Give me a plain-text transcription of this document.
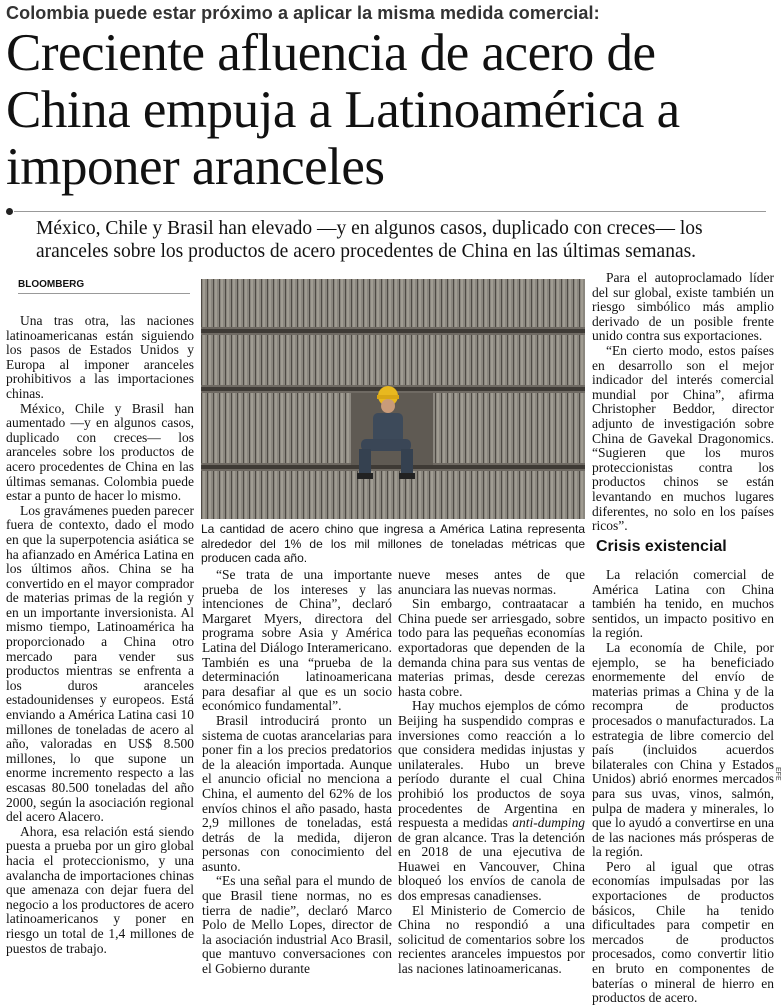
Colombia puede estar próximo a aplicar la misma medida comercial:
Creciente afluencia de acero de China empuja a Latinoamérica a imponer aranceles
México, Chile y Brasil han elevado —y en algunos casos, duplicado con creces— los aranceles sobre los productos de acero procedentes de China en las últimas semanas.
BLOOMBERG

Una tras otra, las naciones latinoamericanas están siguiendo los pasos de Estados Unidos y Europa al imponer aranceles prohibitivos a las importaciones chinas.

México, Chile y Brasil han aumentado —y en algunos casos, duplicado con creces— los aranceles sobre los productos de acero procedentes de China en las últimas semanas. Colombia puede estar a punto de hacer lo mismo.

Los gravámenes pueden parecer fuera de contexto, dado el modo en que la superpotencia asiática se ha afianzado en América Latina en los últimos años. China se ha convertido en el mayor comprador de materias primas de la región y en un importante inversionista. Al mismo tiempo, Latinoamérica ha proporcionado a China otro mercado para vender sus productos mientras se enfrenta a los duros aranceles estadounidenses y europeos. Está enviando a América Latina casi 10 millones de toneladas de acero al año, valoradas en US$ 8.500 millones, lo que supone un enorme incremento respecto a las escasas 80.500 toneladas del año 2000, según la asociación regional del acero Alacero.

Ahora, esa relación está siendo puesta a prueba por un giro global hacia el proteccionismo, y una avalancha de importaciones chinas que amenaza con dejar fuera del negocio a los productores de acero latinoamericanos y poner en riesgo un total de 1,4 millones de puestos de trabajo.

EFE
La cantidad de acero chino que ingresa a América Latina representa alrededor del 1% de los mil millones de toneladas métricas que producen cada año.

“Se trata de una importante prueba de los intereses y las intenciones de China”, declaró Margaret Myers, directora del programa sobre Asia y América Latina del Diálogo Interamericano. También es una “prueba de la determinación latinoamericana para desafiar al que es un socio económico fundamental”.

Brasil introducirá pronto un sistema de cuotas arancelarias para poner fin a los precios predatorios de la aleación importada. Aunque el anuncio oficial no menciona a China, el aumento del 62% de los envíos chinos el año pasado, hasta 2,9 millones de toneladas, está detrás de la medida, dijeron personas con conocimiento del asunto.

“Es una señal para el mundo de que Brasil tiene normas, no es tierra de nadie”, declaró Marco Polo de Mello Lopes, director de la asociación industrial Aco Brasil, que mantuvo conversaciones con el Gobierno durante

nueve meses antes de que anunciara las nuevas normas.

Sin embargo, contraatacar a China puede ser arriesgado, sobre todo para las pequeñas economías exportadoras que dependen de la demanda china para sus ventas de materias primas, desde cerezas hasta cobre.

Hay muchos ejemplos de cómo Beijing ha suspendido compras e inversiones como reacción a lo que considera medidas injustas y unilaterales. Hubo un breve período durante el cual China prohibió los productos de soya procedentes de Argentina en respuesta a medidas anti-dumping de gran alcance. Tras la detención en 2018 de una ejecutiva de Huawei en Vancouver, China bloqueó los envíos de canola de dos empresas canadienses.

El Ministerio de Comercio de China no respondió a una solicitud de comentarios sobre los recientes aranceles impuestos por las naciones latinoamericanas.

Para el autoproclamado líder del sur global, existe también un riesgo simbólico más amplio derivado de un posible frente unido contra sus exportaciones.

“En cierto modo, estos países en desarrollo son el mejor indicador del interés comercial mundial por China”, afirma Christopher Beddor, director adjunto de investigación sobre China de Gavekal Dragonomics. “Sugieren que los muros proteccionistas contra los productos chinos se están levantando en muchos lugares diferentes, no solo en los países ricos”.

Crisis existencial

La relación comercial de América Latina con China también ha tenido, en muchos sentidos, un impacto positivo en la región.

La economía de Chile, por ejemplo, se ha beneficiado enormemente del envío de materias primas a China y de la recompra de productos procesados o manufacturados. La estrategia de libre comercio del país (incluidos acuerdos bilaterales con China y Estados Unidos) abrió enormes mercados para sus uvas, vinos, salmón, pulpa de madera y minerales, lo que lo ayudó a convertirse en una de las naciones más prósperas de la región.

Pero al igual que otras economías impulsadas por las exportaciones de productos básicos, Chile ha tenido dificultades para competir en mercados de productos procesados, como convertir litio en bruto en componentes de baterías o mineral de hierro en productos de acero.
